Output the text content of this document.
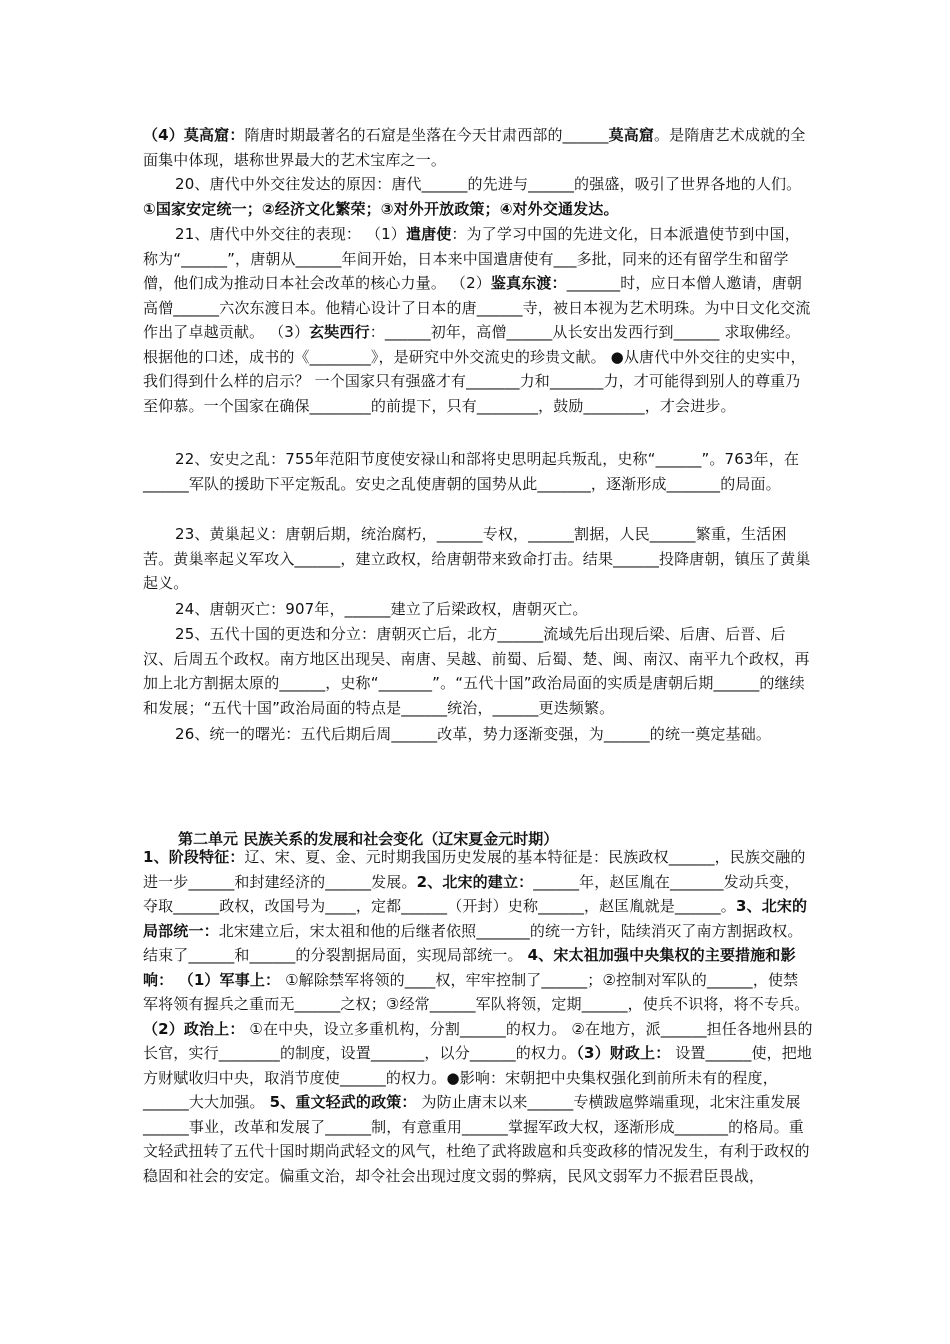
（4）莫高窟：隋唐时期最著名的石窟是坐落在今天甘肃西部的______莫高窟。是隋唐艺术成就的全面集中体现，堪称世界最大的艺术宝库之一。

20、唐代中外交往发达的原因：唐代______的先进与______的强盛，吸引了世界各地的人们。 ①国家安定统一；②经济文化繁荣；③对外开放政策；④对外交通发达。

21、唐代中外交往的表现： （1）遣唐使：为了学习中国的先进文化，日本派遣使节到中国，称为“______”，唐朝从______年间开始，日本来中国遣唐使有___多批，同来的还有留学生和留学僧，他们成为推动日本社会改革的核心力量。 （2）鉴真东渡：_______时，应日本僧人邀请，唐朝高僧______六次东渡日本。他精心设计了日本的唐______寺，被日本视为艺术明珠。为中日文化交流作出了卓越贡献。 （3）玄奘西行：______初年，高僧______从长安出发西行到______ 求取佛经。根据他的口述，成书的《________》，是研究中外交流史的珍贵文献。 ●从唐代中外交往的史实中，我们得到什么样的启示？ 一个国家只有强盛才有_______力和_______力，才可能得到别人的尊重乃至仰慕。一个国家在确保________的前提下，只有________，鼓励________，才会进步。

22、安史之乱：755年范阳节度使安禄山和部将史思明起兵叛乱，史称“______”。763年，在______军队的援助下平定叛乱。安史之乱使唐朝的国势从此_______，逐渐形成_______的局面。

23、黄巢起义：唐朝后期，统治腐朽，______专权，______割据，人民______繁重，生活困苦。黄巢率起义军攻入______，建立政权，给唐朝带来致命打击。结果______投降唐朝，镇压了黄巢起义。

24、唐朝灭亡：907年，______建立了后梁政权，唐朝灭亡。

25、五代十国的更迭和分立：唐朝灭亡后，北方______流域先后出现后梁、后唐、后晋、后汉、后周五个政权。南方地区出现吴、南唐、吴越、前蜀、后蜀、楚、闽、南汉、南平九个政权，再加上北方割据太原的______，史称“_______”。“五代十国”政治局面的实质是唐朝后期______的继续和发展；“五代十国”政治局面的特点是______统治，______更迭频繁。

26、统一的曙光：五代后期后周______改革，势力逐渐变强，为______的统一奠定基础。

第二单元 民族关系的发展和社会变化（辽宋夏金元时期）

1、阶段特征：辽、宋、夏、金、元时期我国历史发展的基本特征是：民族政权______，民族交融的进一步______和封建经济的______发展。2、北宋的建立：______年，赵匡胤在_______发动兵变，夺取______政权，改国号为____，定都______（开封）史称______，赵匡胤就是______。3、北宋的局部统一：北宋建立后，宋太祖和他的后继者依照_______的统一方针，陆续消灭了南方割据政权。结束了______和______的分裂割据局面，实现局部统一。 4、宋太祖加强中央集权的主要措施和影响： （1）军事上： ①解除禁军将领的____权，牢牢控制了______；②控制对军队的______，使禁军将领有握兵之重而无______之权；③经常______军队将领，定期______，使兵不识将，将不专兵。（2）政治上： ①在中央，设立多重机构，分割______的权力。 ②在地方，派______担任各地州县的长官，实行________的制度，设置_______，以分______的权力。（3）财政上： 设置______使，把地方财赋收归中央，取消节度使______的权力。●影响：宋朝把中央集权强化到前所未有的程度，______大大加强。 5、重文轻武的政策： 为防止唐末以来______专横跋扈弊端重现，北宋注重发展______事业，改革和发展了______制，有意重用______掌握军政大权，逐渐形成_______的格局。重文轻武扭转了五代十国时期尚武轻文的风气，杜绝了武将跋扈和兵变政移的情况发生，有利于政权的稳固和社会的安定。偏重文治，却令社会出现过度文弱的弊病，民风文弱军力不振君臣畏战，
